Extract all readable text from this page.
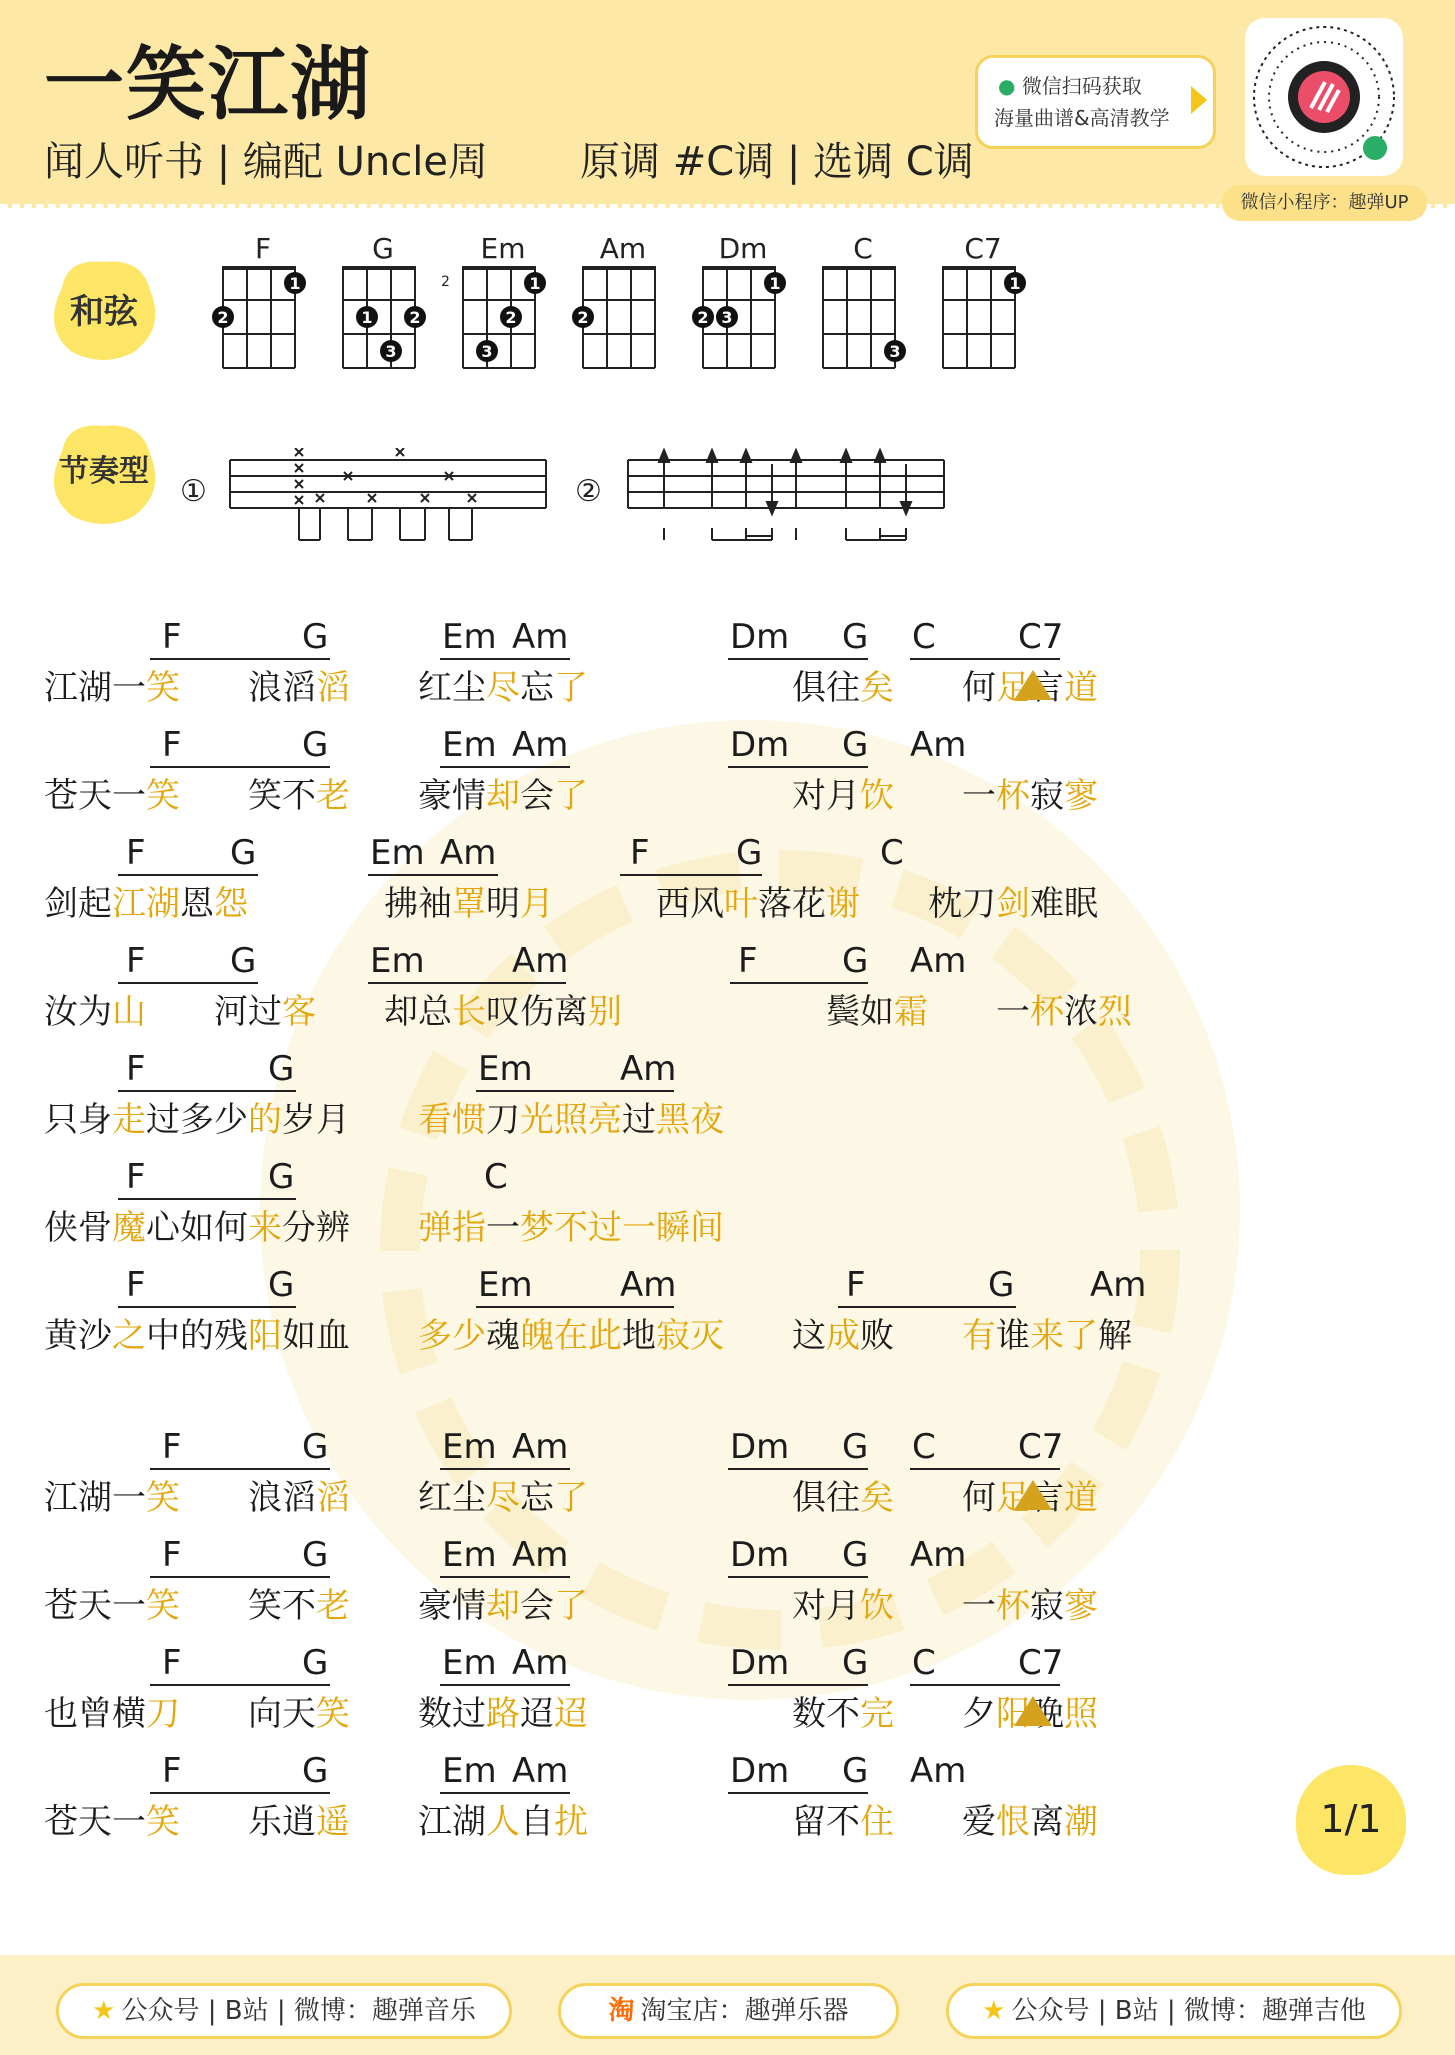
一笑江湖
闻人听书 | 编配 Uncle周 原调 #C调 | 选调 C调
● 微信扫码获取
海量曲谱&高清教学
微信小程序：趣弹UP
和弦
节奏型
F
1
2
G
1 2
3
Em
1
2
3
2
Am
2
Dm
1
2 3
C
3
C7
1
①	②
F	G	Em Am	Dm G C C7
江湖一笑　　 浪滔滔　　 红尘尽忘了　　　　　　	俱往矣　　 何足言道
F	G	Em Am	Dm G Am
苍天一笑　　 笑不老　　 豪情却会了　　　　　　	对月饮　　 一杯寂寥
F G	Em Am	F	G	C
剑起江湖恩怨　　　　	拂袖罩明月　　　	西风叶落花谢　　 枕刀剑难眠
F G	Em	Am	F G Am
汝为山　　 河过客　　 却总长叹伤离别　　　　　　	鬓如霜　　 一杯浓烈
F	G	Em	Am
只身走过多少的岁月　　 看惯刀光照亮过黑夜
F	G	C
侠骨魔心如何来分辨　　 弹指一梦不过一瞬间
F	G	Em	Am	F	G Am
黄沙之中的残阳如血　　 多少魂魄在此地寂灭　　 这成败　　 有谁来了解
F	G	Em Am	Dm G C C7
江湖一笑　　 浪滔滔　　 红尘尽忘了　　　　　　	俱往矣　　 何足言道
F	G	Em Am	Dm G Am
苍天一笑　　 笑不老　　 豪情却会了　　　　　　	对月饮　　 一杯寂寥
F	G	Em Am	Dm G C C7
也曾横刀　　 向天笑　　 数过路迢迢　　　　　　	数不完　　 夕阳晚照
F	G	Em Am	Dm G Am
苍天一笑　　 乐逍遥　　 江湖人自扰　　　　　　	留不住　　 爱恨离潮	1/1
★ 公众号 | B站 | 微博：趣弹音乐	淘 淘宝店：趣弹乐器	★ 公众号 | B站 | 微博：趣弹吉他
